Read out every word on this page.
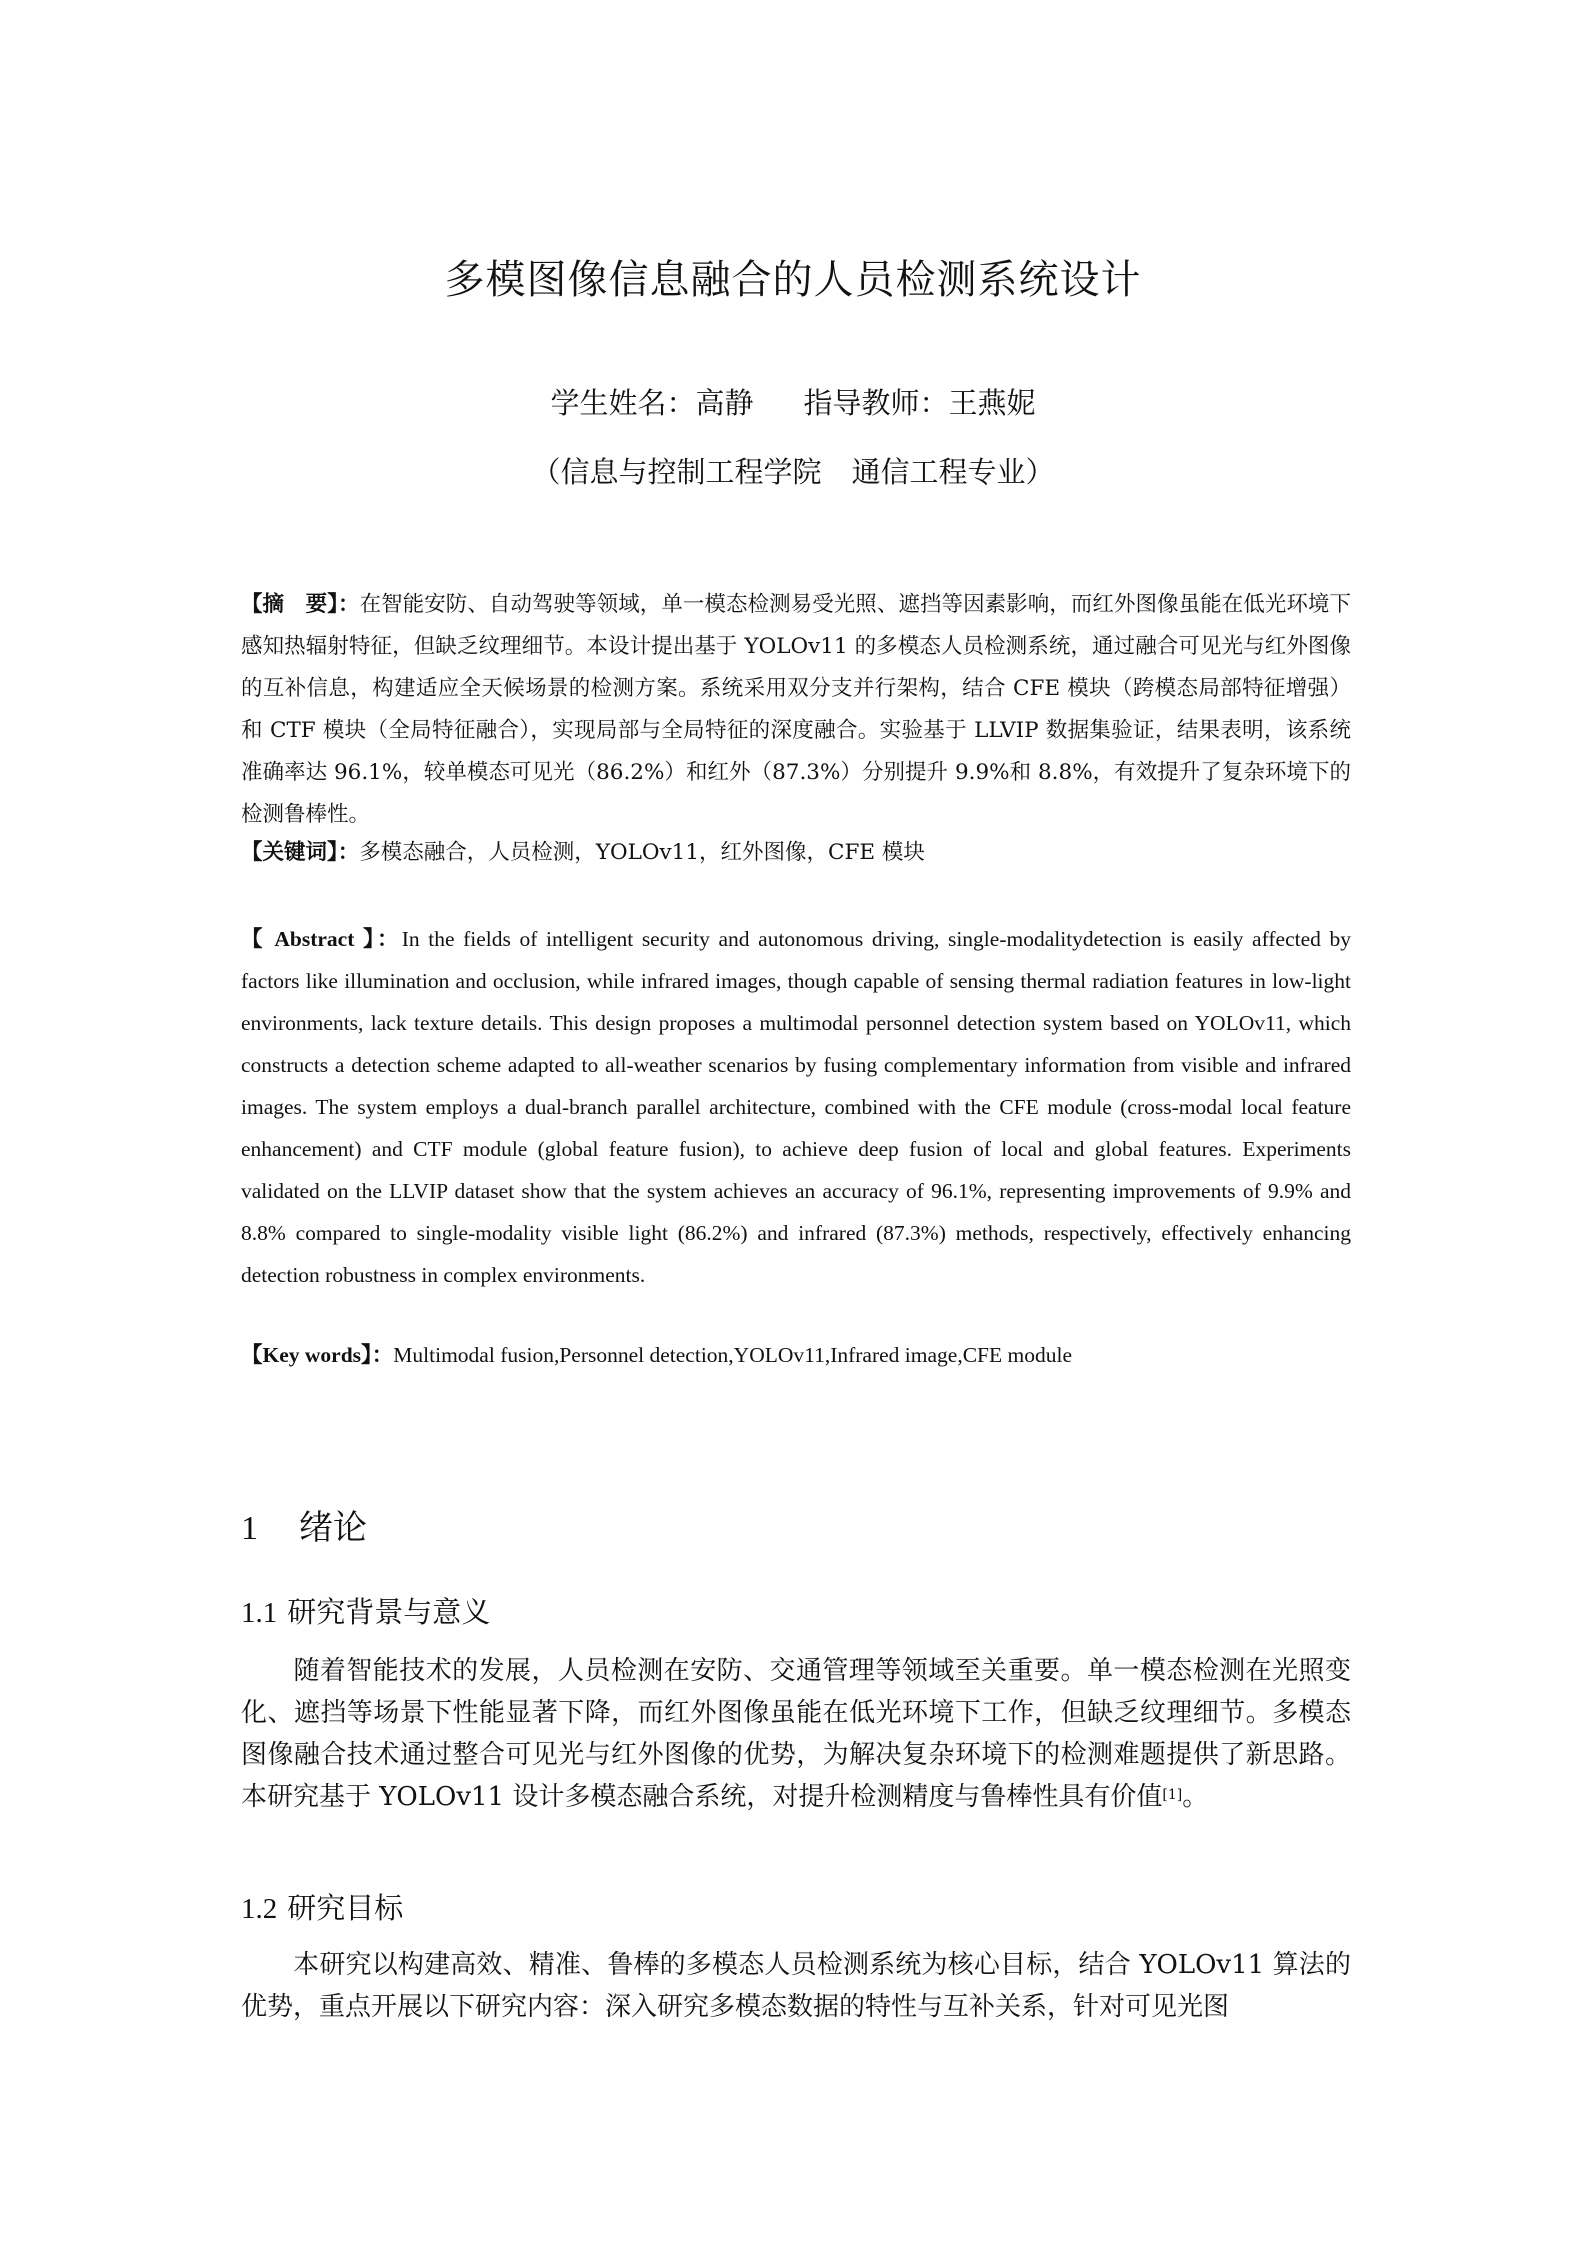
多模图像信息融合的人员检测系统设计
学生姓名：高静 指导教师：王燕妮
（信息与控制工程学院 通信工程专业）
【摘　要】：在智能安防、自动驾驶等领域，单一模态检测易受光照、遮挡等因素影响，而红外图像虽能在低光环境下感知热辐射特征，但缺乏纹理细节。本设计提出基于 YOLOv11 的多模态人员检测系统，通过融合可见光与红外图像的互补信息，构建适应全天候场景的检测方案。系统采用双分支并行架构，结合 CFE 模块（跨模态局部特征增强）和 CTF 模块（全局特征融合），实现局部与全局特征的深度融合。实验基于 LLVIP 数据集验证，结果表明，该系统准确率达 96.1%，较单模态可见光（86.2%）和红外（87.3%）分别提升 9.9%和 8.8%，有效提升了复杂环境下的检测鲁棒性。
【关键词】：多模态融合，人员检测，YOLOv11，红外图像，CFE 模块
【 Abstract 】：In the fields of intelligent security and autonomous driving, single-modalitydetection is easily affected by factors like illumination and occlusion, while infrared images, though capable of sensing thermal radiation features in low-light environments, lack texture details. This design proposes a multimodal personnel detection system based on YOLOv11, which constructs a detection scheme adapted to all-weather scenarios by fusing complementary information from visible and infrared images. The system employs a dual-branch parallel architecture, combined with the CFE module (cross-modal local feature enhancement) and CTF module (global feature fusion), to achieve deep fusion of local and global features. Experiments validated on the LLVIP dataset show that the system achieves an accuracy of 96.1%, representing improvements of 9.9% and 8.8% compared to single-modality visible light (86.2%) and infrared (87.3%) methods, respectively, effectively enhancing detection robustness in complex environments.
【Key words】：Multimodal fusion,Personnel detection,YOLOv11,Infrared image,CFE module
1 绪论
1.1 研究背景与意义
随着智能技术的发展，人员检测在安防、交通管理等领域至关重要。单一模态检测在光照变化、遮挡等场景下性能显著下降，而红外图像虽能在低光环境下工作，但缺乏纹理细节。多模态图像融合技术通过整合可见光与红外图像的优势，为解决复杂环境下的检测难题提供了新思路。本研究基于 YOLOv11 设计多模态融合系统，对提升检测精度与鲁棒性具有价值[1]。
1.2 研究目标
本研究以构建高效、精准、鲁棒的多模态人员检测系统为核心目标，结合 YOLOv11 算法的优势，重点开展以下研究内容：深入研究多模态数据的特性与互补关系，针对可见光图
